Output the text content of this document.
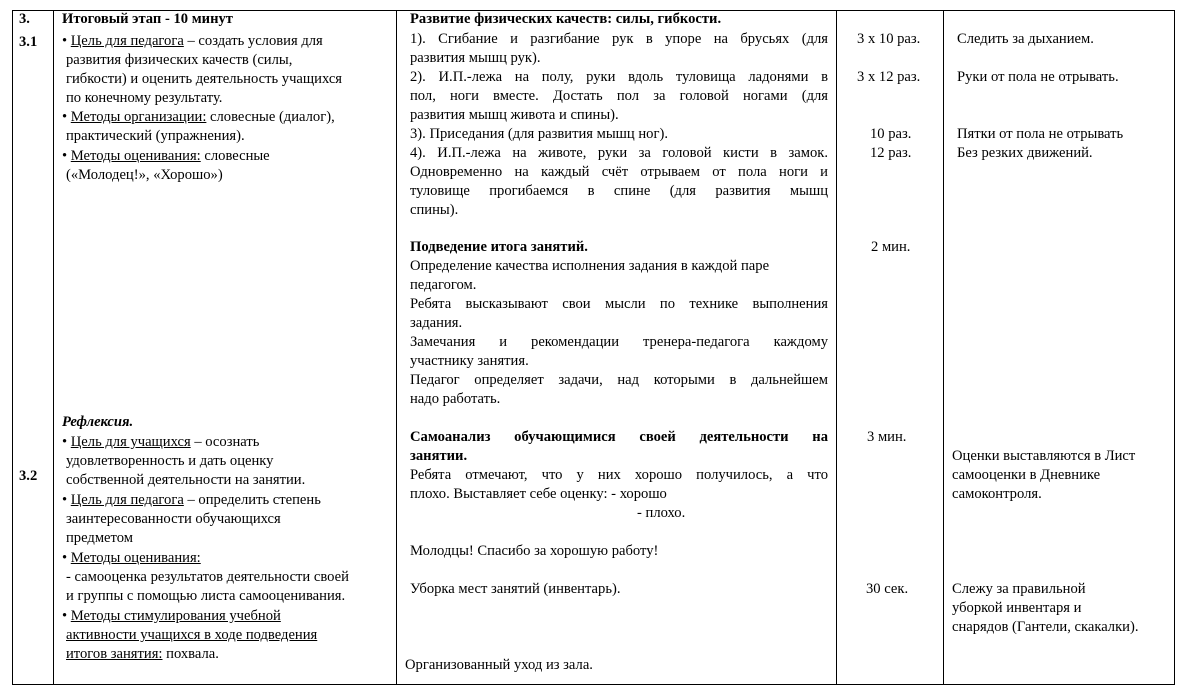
3.
3.1
3.2
Итоговый этап - 10 минут
• Цель для педагога – создать условия для
развития физических качеств (силы,
гибкости) и оценить деятельность учащихся
по конечному результату.
• Методы организации: словесные (диалог),
практический (упражнения).
• Методы оценивания: словесные
(«Молодец!», «Хорошо»)
Рефлексия.
• Цель для учащихся – осознать
удовлетворенность и дать оценку
собственной деятельности на занятии.
• Цель для педагога – определить степень
заинтересованности обучающихся
предметом
• Методы оценивания:
- самооценка результатов деятельности своей
и группы с помощью листа самооценивания.
• Методы стимулирования учебной
активности учащихся в ходе подведения
итогов занятия: похвала.
Развитие физических качеств: силы, гибкости.
1). Сгибание и разгибание рук в упоре на брусьях (для
развития мышц рук).
2). И.П.-лежа на полу, руки вдоль туловища ладонями в
пол, ноги вместе. Достать пол за головой ногами (для
развития мышц живота и спины).
3). Приседания (для развития мышц ног).
4). И.П.-лежа на животе, руки за головой кисти в замок.
Одновременно на каждый счёт отрываем от пола ноги и
туловище прогибаемся в спине (для развития мышц
спины).
Подведение итога занятий.
Определение качества исполнения задания в каждой паре
педагогом.
Ребята высказывают свои мысли по технике выполнения
задания.
Замечания и рекомендации тренера-педагога каждому
участнику занятия.
Педагог определяет задачи, над которыми в дальнейшем
надо работать.
Самоанализ обучающимися своей деятельности на
занятии.
Ребята отмечают, что у них хорошо получилось, а что
плохо. Выставляет себе оценку: - хорошо
- плохо.
Молодцы! Спасибо за хорошую работу!
Уборка мест занятий (инвентарь).
Организованный уход из зала.
3 х 10 раз.
3 х 12 раз.
10 раз.
12 раз.
2 мин.
3 мин.
30 сек.
Следить за дыханием.
Руки от пола не отрывать.
Пятки от пола не отрывать
Без резких движений.
Оценки выставляются в Лист
самооценки в Дневнике
самоконтроля.
Слежу за правильной
уборкой инвентаря и
снарядов (Гантели, скакалки).
